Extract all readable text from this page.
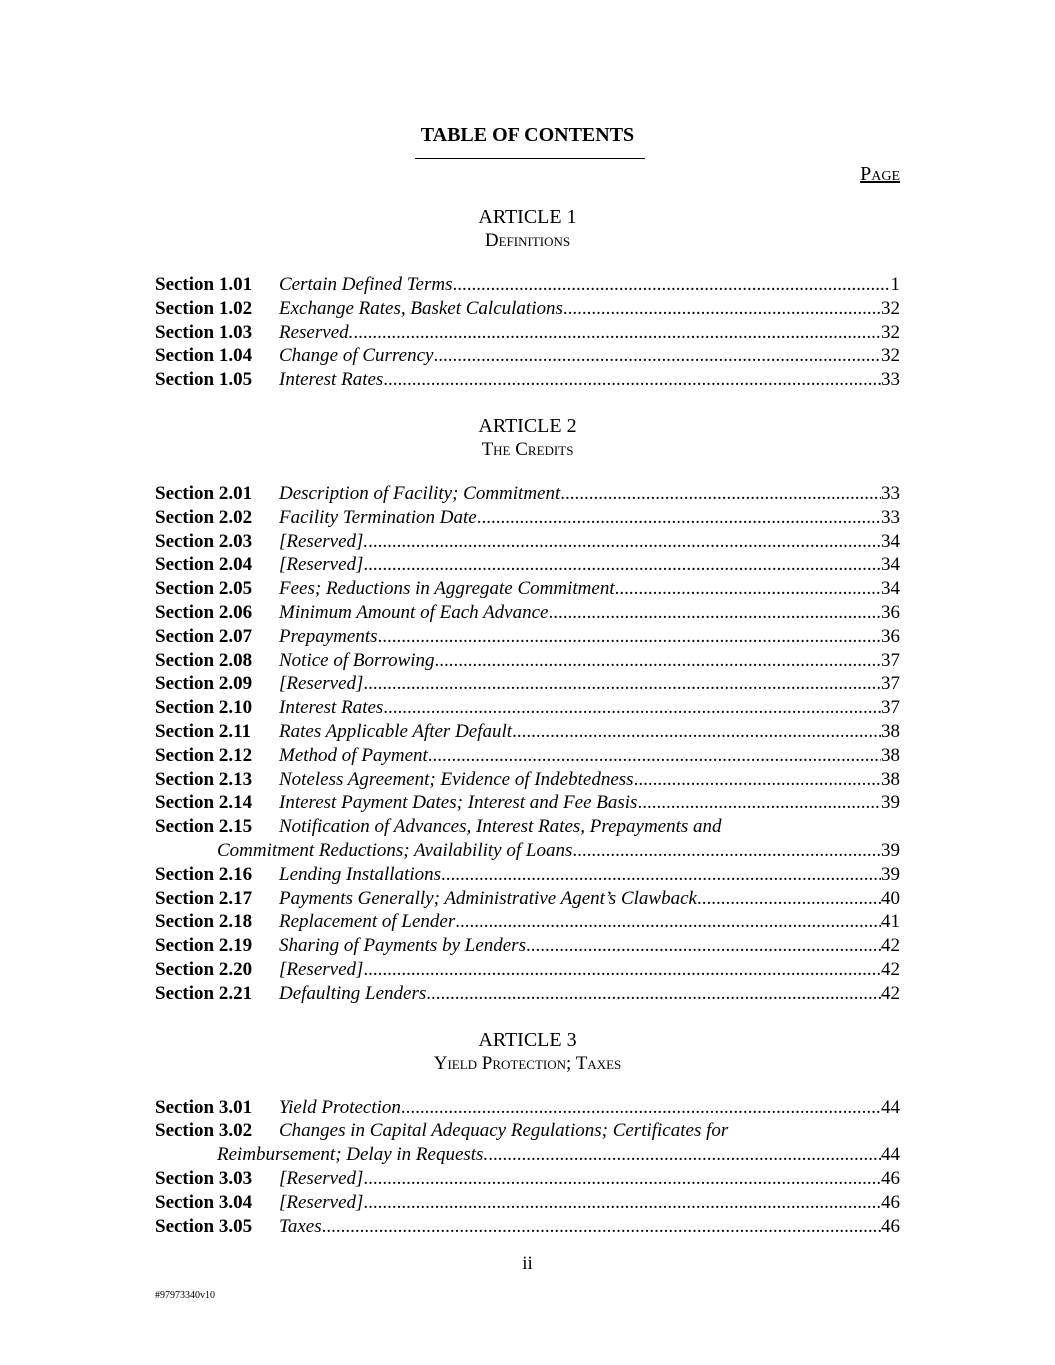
TABLE OF CONTENTS
Page
ARTICLE 1
Definitions
Section 1.01	Certain Defined Terms .....	1
Section 1.02	Exchange Rates, Basket Calculations .....	32
Section 1.03	Reserved. .....	32
Section 1.04	Change of Currency .....	32
Section 1.05	Interest Rates .....	33
ARTICLE 2
The Credits
Section 2.01	Description of Facility; Commitment .....	33
Section 2.02	Facility Termination Date .....	33
Section 2.03	[Reserved]. .....	34
Section 2.04	[Reserved] .....	34
Section 2.05	Fees; Reductions in Aggregate Commitment .....	34
Section 2.06	Minimum Amount of Each Advance .....	36
Section 2.07	Prepayments .....	36
Section 2.08	Notice of Borrowing .....	37
Section 2.09	[Reserved] .....	37
Section 2.10	Interest Rates .....	37
Section 2.11	Rates Applicable After Default .....	38
Section 2.12	Method of Payment .....	38
Section 2.13	Noteless Agreement; Evidence of Indebtedness .....	38
Section 2.14	Interest Payment Dates; Interest and Fee Basis .....	39
Section 2.15	Notification of Advances, Interest Rates, Prepayments and
Commitment Reductions; Availability of Loans .....	39
Section 2.16	Lending Installations .....	39
Section 2.17	Payments Generally; Administrative Agent’s Clawback .....	40
Section 2.18	Replacement of Lender .....	41
Section 2.19	Sharing of Payments by Lenders .....	42
Section 2.20	[Reserved] .....	42
Section 2.21	Defaulting Lenders .....	42
ARTICLE 3
Yield Protection; Taxes
Section 3.01	Yield Protection .....	44
Section 3.02	Changes in Capital Adequacy Regulations; Certificates for
Reimbursement; Delay in Requests. .....	44
Section 3.03	[Reserved] .....	46
Section 3.04	[Reserved] .....	46
Section 3.05	Taxes .....	46
ii
#97973340v10
